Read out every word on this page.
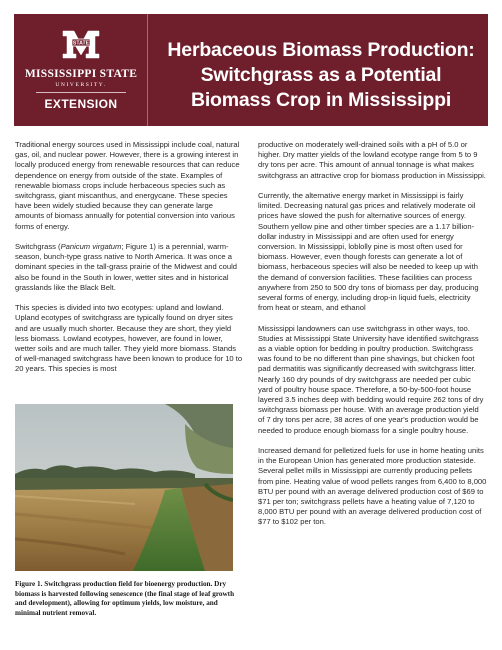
STATE
MISSISSIPPI STATE
UNIVERSITY.
EXTENSION
Herbaceous Biomass Production:
Switchgrass as a Potential
Biomass Crop in Mississippi

Traditional energy sources used in Mississippi include coal, natural gas, oil, and nuclear power. However, there is a growing interest in locally produced energy from renewable resources that can reduce dependence on energy from outside of the state. Examples of renewable biomass crops include herbaceous species such as switchgrass, giant miscanthus, and energycane. These species have been widely studied because they can generate large amounts of biomass annually for potential conversion into various forms of energy.

Switchgrass (Panicum virgatum; Figure 1) is a perennial, warm-season, bunch-type grass native to North America. It was once a dominant species in the tall-grass prairie of the Midwest and could also be found in the South in lower, wetter sites and in historical grasslands like the Black Belt.

This species is divided into two ecotypes: upland and lowland. Upland ecotypes of switchgrass are typically found on dryer sites and are usually much shorter. Because they are short, they yield less biomass. Lowland ecotypes, however, are found in lower, wetter soils and are much taller. They yield more biomass. Stands of well-managed switchgrass have been known to produce for 10 to 20 years. This species is most

Figure 1. Switchgrass production field for bioenergy production. Dry biomass is harvested following senescence (the final stage of leaf growth and development), allowing for optimum yields, low moisture, and minimal nutrient removal.

productive on moderately well-drained soils with a pH of 5.0 or higher. Dry matter yields of the lowland ecotype range from 5 to 9 dry tons per acre. This amount of annual tonnage is what makes switchgrass an attractive crop for biomass production in Mississippi.

Currently, the alternative energy market in Mississippi is fairly limited. Decreasing natural gas prices and relatively moderate oil prices have slowed the push for alternative sources of energy. Southern yellow pine and other timber species are a 1.17 billion-dollar industry in Mississippi and are often used for energy conversion. In Mississippi, loblolly pine is most often used for biomass. However, even though forests can generate a lot of biomass, herbaceous species will also be needed to keep up with the demand of conversion facilities. These facilities can process anywhere from 250 to 500 dry tons of biomass per day, producing several forms of energy, including drop-in liquid fuels, electricity from heat or steam, and ethanol

Mississippi landowners can use switchgrass in other ways, too. Studies at Mississippi State University have identified switchgrass as a viable option for bedding in poultry production. Switchgrass was found to be no different than pine shavings, but chicken foot pad dermatitis was significantly decreased with switchgrass litter. Nearly 160 dry pounds of dry switchgrass are needed per cubic yard of poultry house space. Therefore, a 50-by-500-foot house layered 3.5 inches deep with bedding would require 262 tons of dry switchgrass biomass per house. With an average production yield of 7 dry tons per acre, 38 acres of one year's production would be needed to produce enough biomass for a single poultry house.

Increased demand for pelletized fuels for use in home heating units in the European Union has generated more production stateside. Several pellet mills in Mississippi are currently producing pellets from pine. Heating value of wood pellets ranges from 6,400 to 8,000 BTU per pound with an average delivered production cost of $69 to $71 per ton; switchgrass pellets have a heating value of 7,120 to 8,000 BTU per pound with an average delivered production cost of $77 to $102 per ton.
